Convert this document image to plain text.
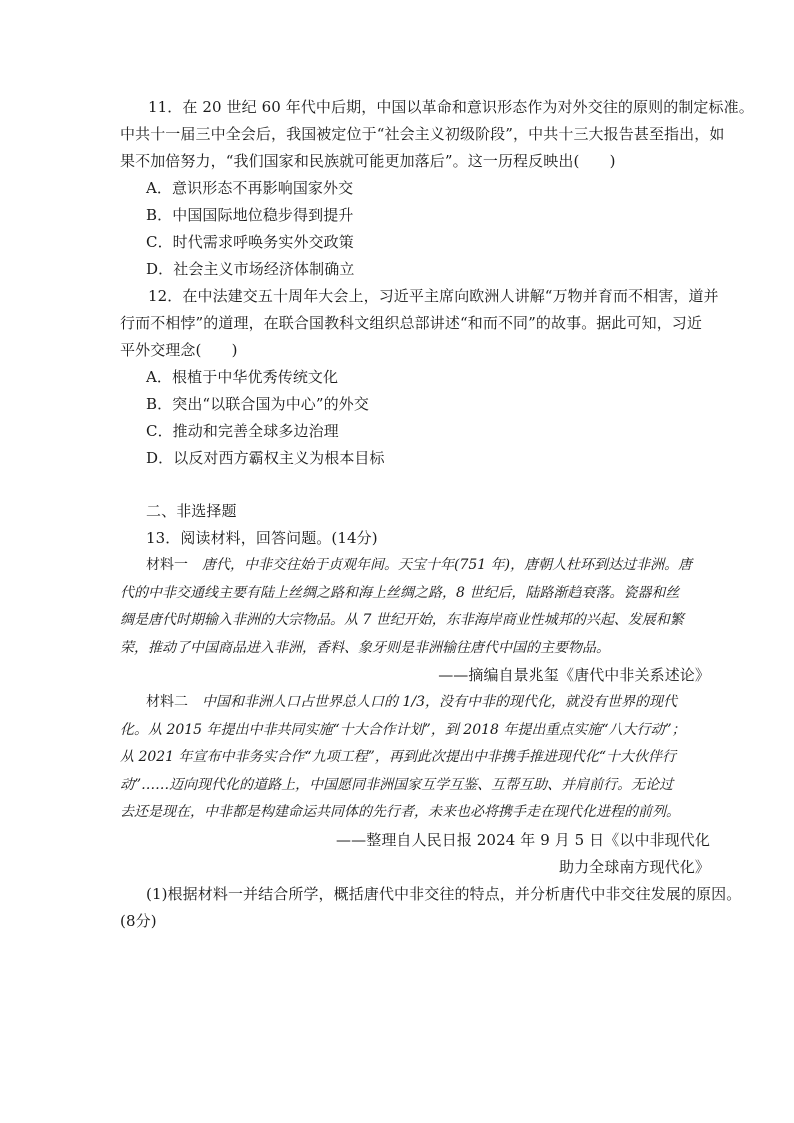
11．在 20 世纪 60 年代中后期，中国以革命和意识形态作为对外交往的原则的制定标准。
中共十一届三中全会后，我国被定位于“社会主义初级阶段”，中共十三大报告甚至指出，如
果不加倍努力，“我们国家和民族就可能更加落后”。这一历程反映出(　　)
A．意识形态不再影响国家外交
B．中国国际地位稳步得到提升
C．时代需求呼唤务实外交政策
D．社会主义市场经济体制确立
12．在中法建交五十周年大会上，习近平主席向欧洲人讲解“万物并育而不相害，道并
行而不相悖”的道理，在联合国教科文组织总部讲述“和而不同”的故事。据此可知，习近
平外交理念(　　)
A．根植于中华优秀传统文化
B．突出“以联合国为中心”的外交
C．推动和完善全球多边治理
D．以反对西方霸权主义为根本目标
二、非选择题
13．阅读材料，回答问题。(14分)
材料一 唐代，中非交往始于贞观年间。天宝十年(751 年)，唐朝人杜环到达过非洲。唐
代的中非交通线主要有陆上丝绸之路和海上丝绸之路，8 世纪后，陆路渐趋衰落。瓷器和丝
绸是唐代时期输入非洲的大宗物品。从 7 世纪开始，东非海岸商业性城邦的兴起、发展和繁
荣，推动了中国商品进入非洲，香料、象牙则是非洲输往唐代中国的主要物品。
——摘编自景兆玺《唐代中非关系述论》
材料二 中国和非洲人口占世界总人口的 1/3，没有中非的现代化，就没有世界的现代
化。从 2015 年提出中非共同实施“十大合作计划”，到 2018 年提出重点实施“八大行动”；
从 2021 年宣布中非务实合作“九项工程”，再到此次提出中非携手推进现代化“十大伙伴行
动”……迈向现代化的道路上，中国愿同非洲国家互学互鉴、互帮互助、并肩前行。无论过
去还是现在，中非都是构建命运共同体的先行者，未来也必将携手走在现代化进程的前列。
——整理自人民日报 2024 年 9 月 5 日《以中非现代化
助力全球南方现代化》
(1)根据材料一并结合所学，概括唐代中非交往的特点，并分析唐代中非交往发展的原因。
(8分)
